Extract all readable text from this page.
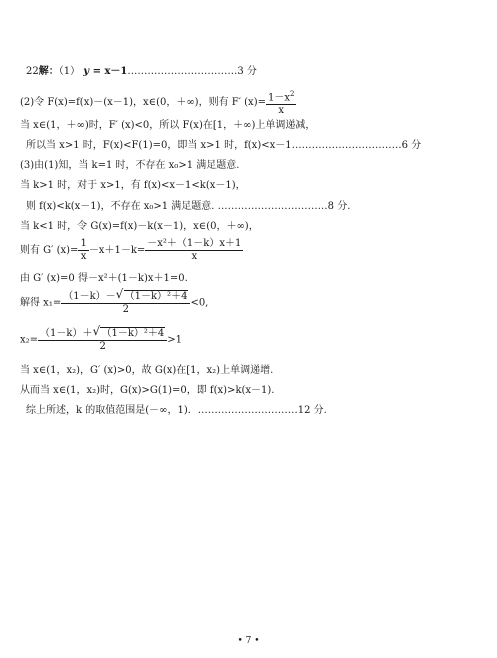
22解：（1） y = x－1……………………………3 分
(2)令 F(x)=f(x)－(x－1)，x∈(0，＋∞)，则有 F′ $(x)= \frac{1-x^2}{x}$
当 x∈(1，＋∞)时，F′ (x)<0，所以 F(x)在[1，＋∞)上单调递减，
所以当 x>1 时，F(x)<F(1)=0，即当 x>1 时，f(x)<x－1……………………………6 分
(3)由(1)知，当 k=1 时，不存在 x₀>1 满足题意.
当 k>1 时，对于 x>1，有 f(x)<x－1<k(x－1)，
则 f(x)<k(x－1)，不存在 x₀>1 满足题意. ……………………………8 分.
当 k<1 时，令 G(x)=f(x)－k(x－1)，x∈(0，＋∞)，
则有 G′ $(x)= \frac{1}{x} -x+1-k= \frac{\text{－x²＋（1－k）x＋1}}{x}$
由 G′ (x)=0 得－x²＋(1－k)x＋1=0.
解得 $x_1= \frac{\text{（1－k）－ √ （1－k）²＋4}}{2} <0$,
$x_2= \frac{\text{（1－k）＋ √ （1－k）²＋4}}{2} >1$
当 x∈(1，x₂)，G′ (x)>0，故 G(x)在[1，x₂)上单调递增.
从而当 x∈(1，x₂)时，G(x)>G(1)=0，即 f(x)>k(x－1).
综上所述，k 的取值范围是(－∞，1)．…………………………12 分.
• 7 •
